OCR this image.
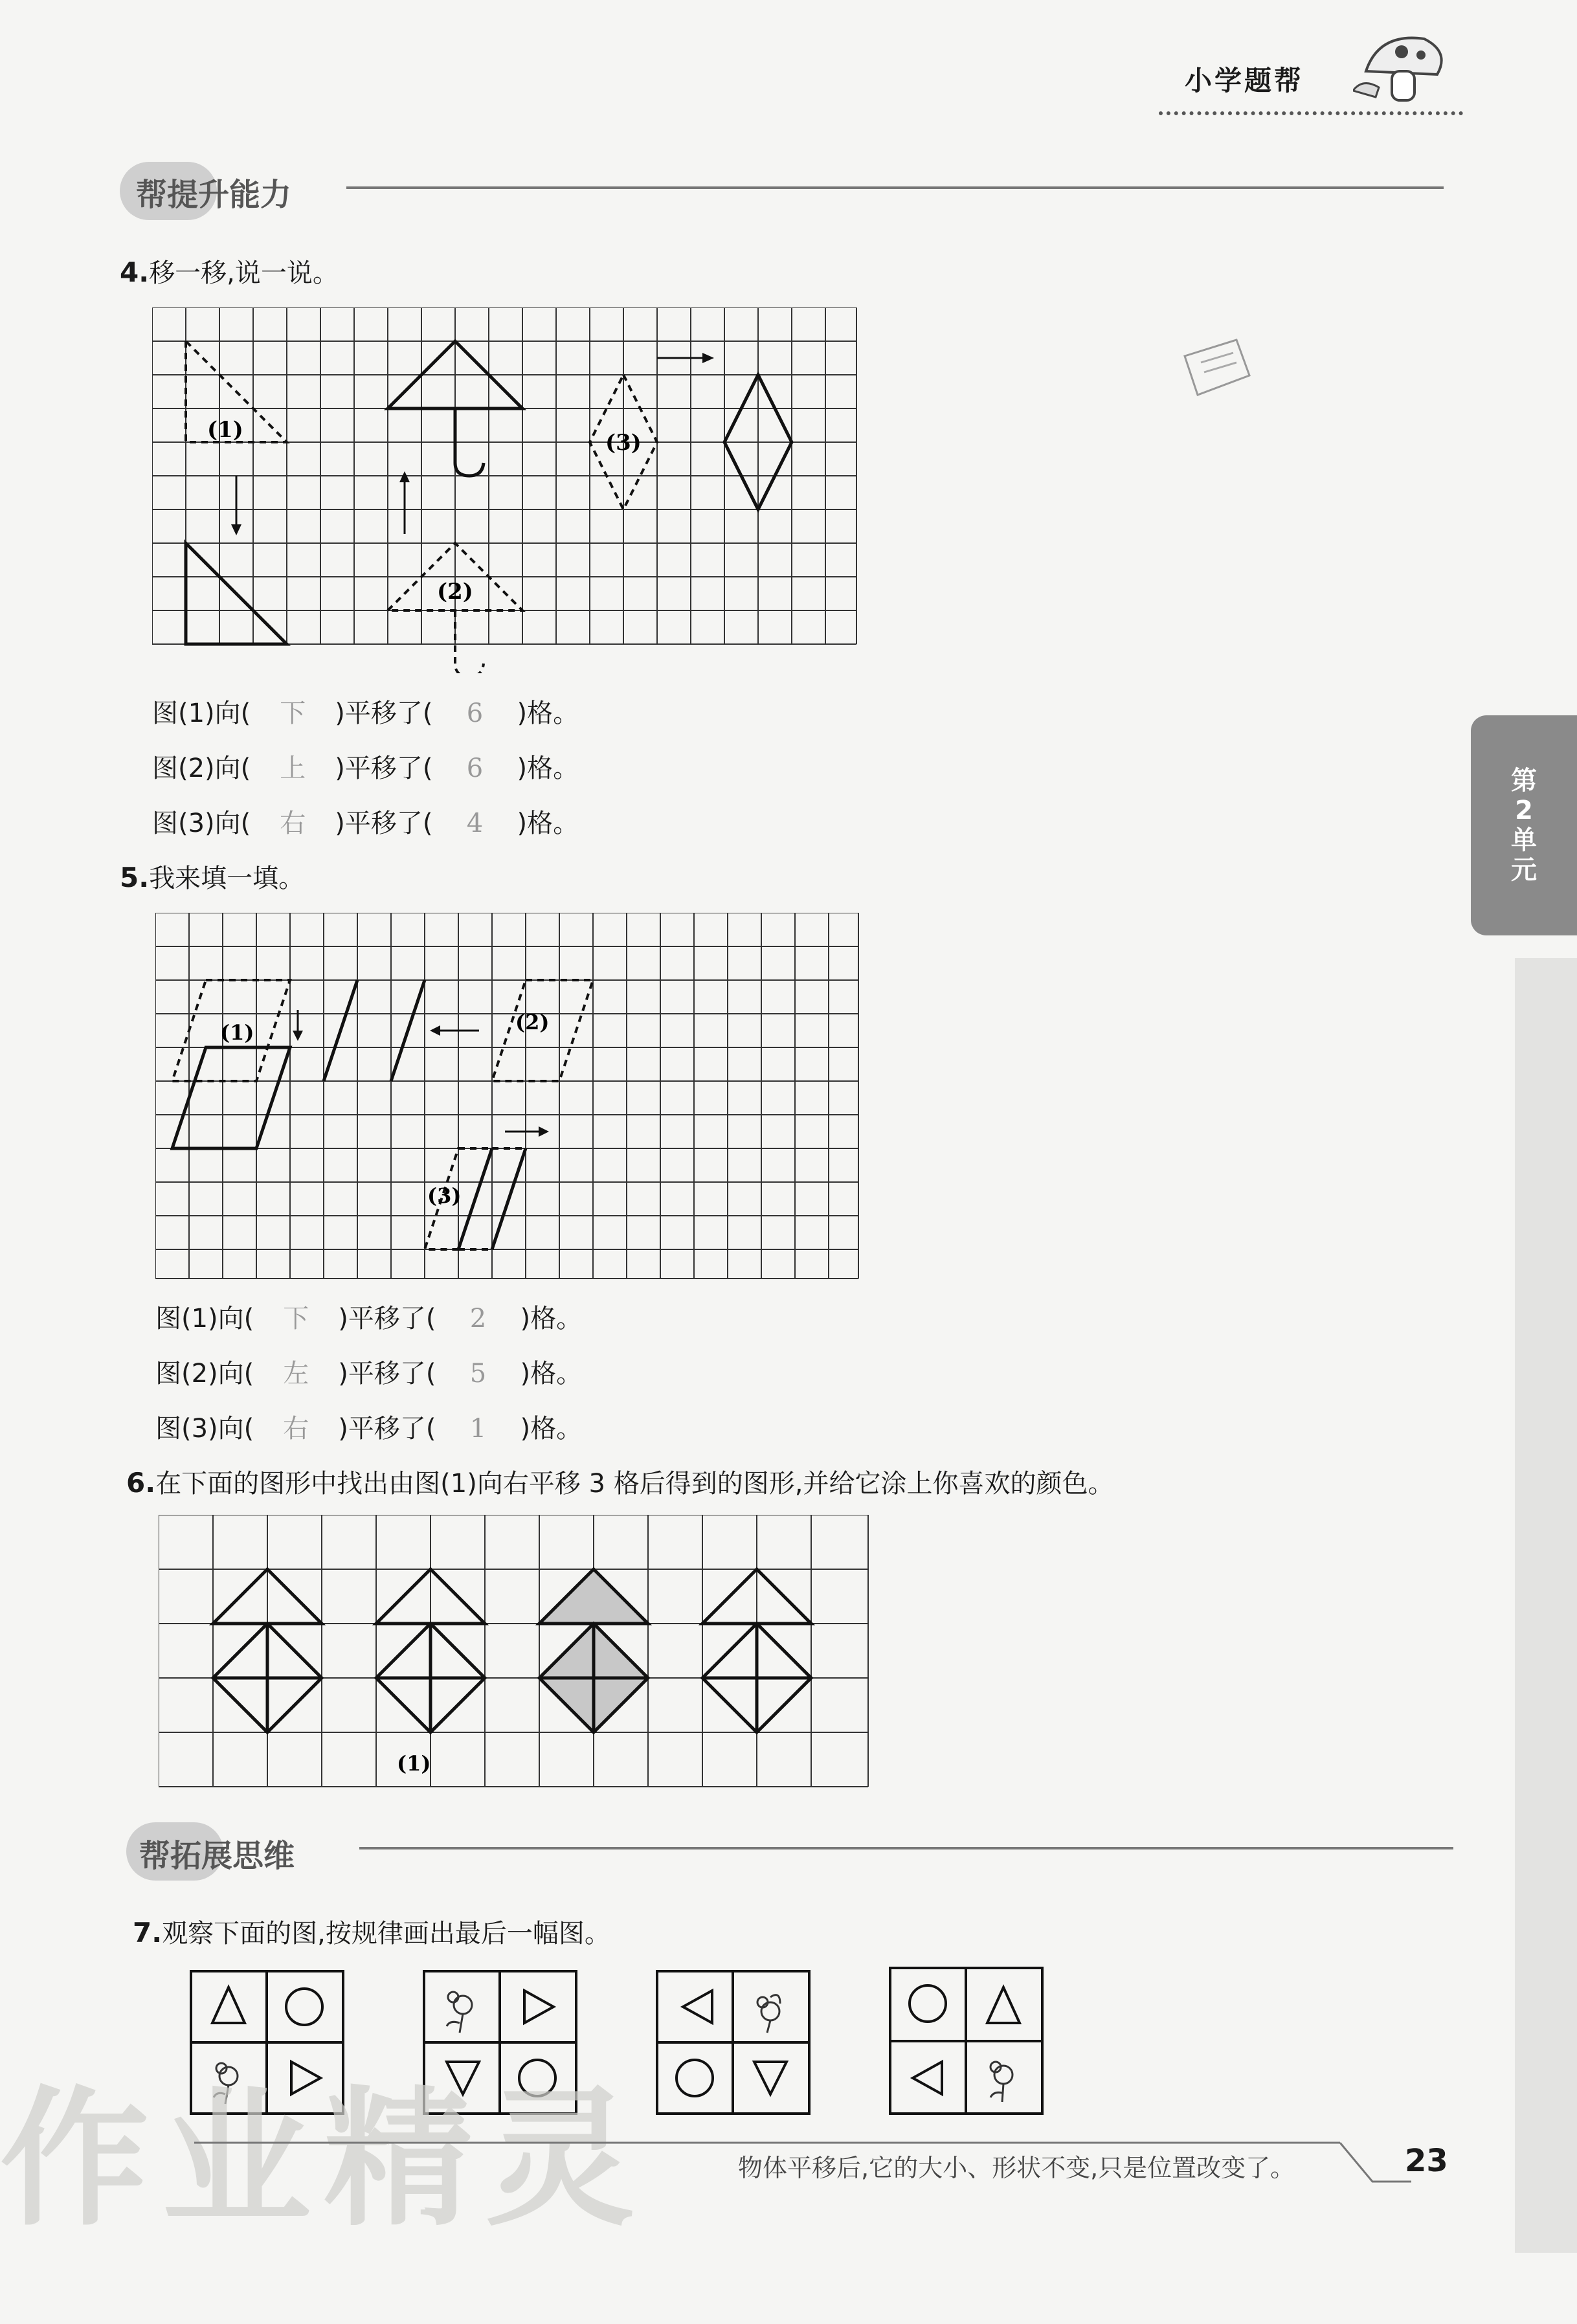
小学题帮
帮提升能力
4.移一移,说一说。
(1)
(2)
(3)
图(1)向( 下 )平移了( 6 )格。
图(2)向( 上 )平移了( 6 )格。
图(3)向( 右 )平移了( 4 )格。
5.我来填一填。
(1)	(2)
(3)
图(1)向( 下 )平移了( 2 )格。
图(2)向( 左 )平移了( 5 )格。
图(3)向( 右 )平移了( 1 )格。
6.在下面的图形中找出由图(1)向右平移 3 格后得到的图形,并给它涂上你喜欢的颜色。
(1)
帮拓展思维
7.观察下面的图,按规律画出最后一幅图。
第
2
单
元
作业精灵	物体平移后,它的大小、形状不变,只是位置改变了。	23
